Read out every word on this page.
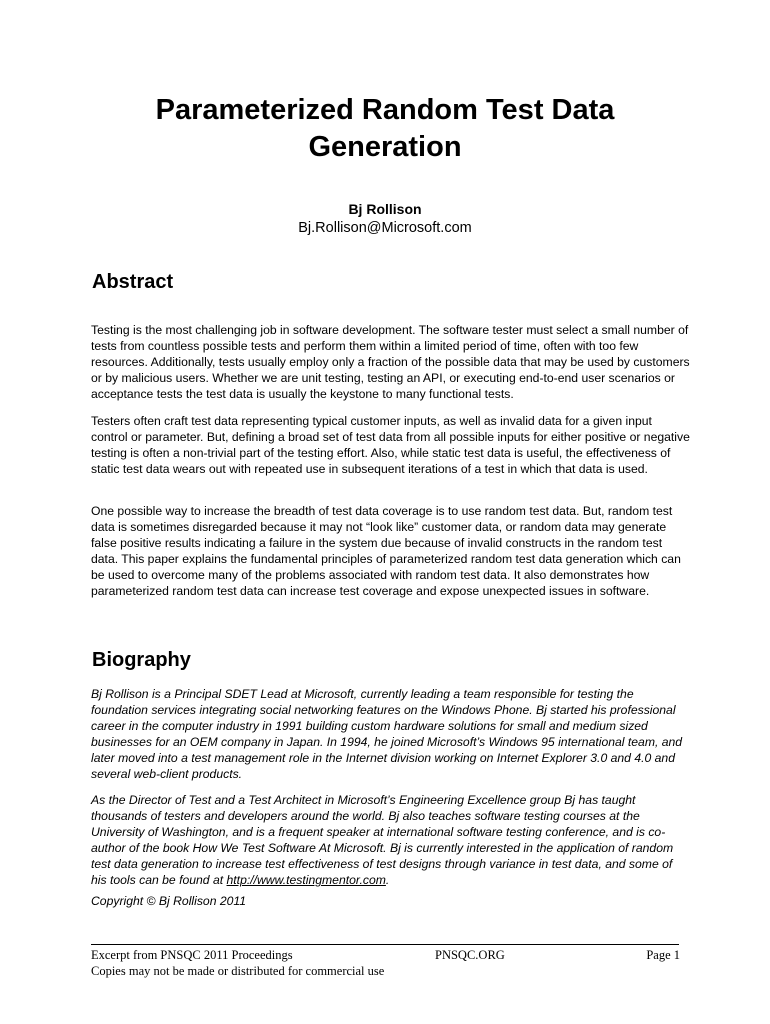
Parameterized Random Test Data Generation
Bj Rollison
Bj.Rollison@Microsoft.com
Abstract

Testing is the most challenging job in software development. The software tester must select a small number of tests from countless possible tests and perform them within a limited period of time, often with too few resources. Additionally, tests usually employ only a fraction of the possible data that may be used by customers or by malicious users. Whether we are unit testing, testing an API, or executing end-to-end user scenarios or acceptance tests the test data is usually the keystone to many functional tests.

Testers often craft test data representing typical customer inputs, as well as invalid data for a given input control or parameter. But, defining a broad set of test data from all possible inputs for either positive or negative testing is often a non-trivial part of the testing effort. Also, while static test data is useful, the effectiveness of static test data wears out with repeated use in subsequent iterations of a test in which that data is used.

One possible way to increase the breadth of test data coverage is to use random test data. But, random test data is sometimes disregarded because it may not “look like” customer data, or random data may generate false positive results indicating a failure in the system due because of invalid constructs in the random test data. This paper explains the fundamental principles of parameterized random test data generation which can be used to overcome many of the problems associated with random test data. It also demonstrates how parameterized random test data can increase test coverage and expose unexpected issues in software.

Biography

Bj Rollison is a Principal SDET Lead at Microsoft, currently leading a team responsible for testing the foundation services integrating social networking features on the Windows Phone. Bj started his professional career in the computer industry in 1991 building custom hardware solutions for small and medium sized businesses for an OEM company in Japan. In 1994, he joined Microsoft’s Windows 95 international team, and later moved into a test management role in the Internet division working on Internet Explorer 3.0 and 4.0 and several web-client products.

As the Director of Test and a Test Architect in Microsoft’s Engineering Excellence group Bj has taught thousands of testers and developers around the world. Bj also teaches software testing courses at the University of Washington, and is a frequent speaker at international software testing conference, and is co-author of the book How We Test Software At Microsoft. Bj is currently interested in the application of random test data generation to increase test effectiveness of test designs through variance in test data, and some of his tools can be found at http://www.testingmentor.com.

Copyright © Bj Rollison 2011

Excerpt from PNSQC 2011 Proceedings
Copies may not be made or distributed for commercial use
PNSQC.ORG	Page 1
